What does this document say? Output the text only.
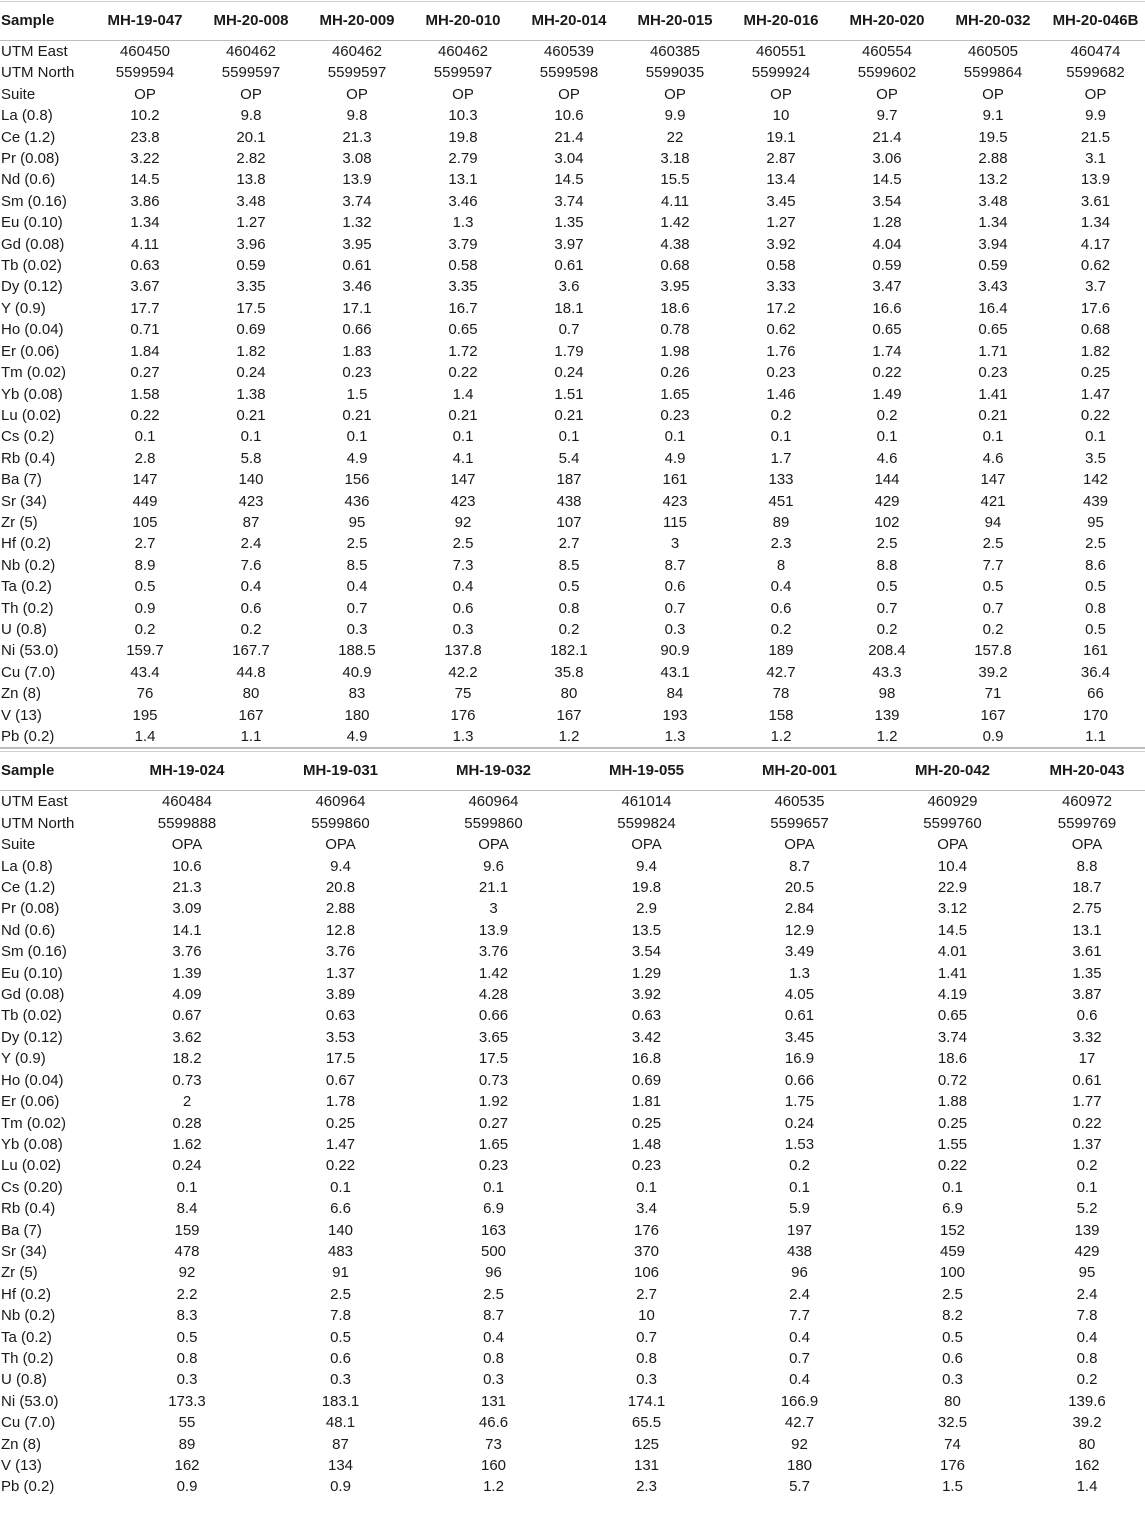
Sample	MH-19-047	MH-20-008	MH-20-009	MH-20-010	MH-20-014	MH-20-015	MH-20-016	MH-20-020	MH-20-032	MH-20-046B
UTM East	460450	460462	460462	460462	460539	460385	460551	460554	460505	460474
UTM North	5599594	5599597	5599597	5599597	5599598	5599035	5599924	5599602	5599864	5599682
Suite	OP	OP	OP	OP	OP	OP	OP	OP	OP	OP
La (0.8)	10.2	9.8	9.8	10.3	10.6	9.9	10	9.7	9.1	9.9
Ce (1.2)	23.8	20.1	21.3	19.8	21.4	22	19.1	21.4	19.5	21.5
Pr (0.08)	3.22	2.82	3.08	2.79	3.04	3.18	2.87	3.06	2.88	3.1
Nd (0.6)	14.5	13.8	13.9	13.1	14.5	15.5	13.4	14.5	13.2	13.9
Sm (0.16)	3.86	3.48	3.74	3.46	3.74	4.11	3.45	3.54	3.48	3.61
Eu (0.10)	1.34	1.27	1.32	1.3	1.35	1.42	1.27	1.28	1.34	1.34
Gd (0.08)	4.11	3.96	3.95	3.79	3.97	4.38	3.92	4.04	3.94	4.17
Tb (0.02)	0.63	0.59	0.61	0.58	0.61	0.68	0.58	0.59	0.59	0.62
Dy (0.12)	3.67	3.35	3.46	3.35	3.6	3.95	3.33	3.47	3.43	3.7
Y (0.9)	17.7	17.5	17.1	16.7	18.1	18.6	17.2	16.6	16.4	17.6
Ho (0.04)	0.71	0.69	0.66	0.65	0.7	0.78	0.62	0.65	0.65	0.68
Er (0.06)	1.84	1.82	1.83	1.72	1.79	1.98	1.76	1.74	1.71	1.82
Tm (0.02)	0.27	0.24	0.23	0.22	0.24	0.26	0.23	0.22	0.23	0.25
Yb (0.08)	1.58	1.38	1.5	1.4	1.51	1.65	1.46	1.49	1.41	1.47
Lu (0.02)	0.22	0.21	0.21	0.21	0.21	0.23	0.2	0.2	0.21	0.22
Cs (0.2)	0.1	0.1	0.1	0.1	0.1	0.1	0.1	0.1	0.1	0.1
Rb (0.4)	2.8	5.8	4.9	4.1	5.4	4.9	1.7	4.6	4.6	3.5
Ba (7)	147	140	156	147	187	161	133	144	147	142
Sr (34)	449	423	436	423	438	423	451	429	421	439
Zr (5)	105	87	95	92	107	115	89	102	94	95
Hf (0.2)	2.7	2.4	2.5	2.5	2.7	3	2.3	2.5	2.5	2.5
Nb (0.2)	8.9	7.6	8.5	7.3	8.5	8.7	8	8.8	7.7	8.6
Ta (0.2)	0.5	0.4	0.4	0.4	0.5	0.6	0.4	0.5	0.5	0.5
Th (0.2)	0.9	0.6	0.7	0.6	0.8	0.7	0.6	0.7	0.7	0.8
U (0.8)	0.2	0.2	0.3	0.3	0.2	0.3	0.2	0.2	0.2	0.5
Ni (53.0)	159.7	167.7	188.5	137.8	182.1	90.9	189	208.4	157.8	161
Cu (7.0)	43.4	44.8	40.9	42.2	35.8	43.1	42.7	43.3	39.2	36.4
Zn (8)	76	80	83	75	80	84	78	98	71	66
V (13)	195	167	180	176	167	193	158	139	167	170
Pb (0.2)	1.4	1.1	4.9	1.3	1.2	1.3	1.2	1.2	0.9	1.1
Sample	MH-19-024	MH-19-031	MH-19-032	MH-19-055	MH-20-001	MH-20-042	MH-20-043
UTM East	460484	460964	460964	461014	460535	460929	460972
UTM North	5599888	5599860	5599860	5599824	5599657	5599760	5599769
Suite	OPA	OPA	OPA	OPA	OPA	OPA	OPA
La (0.8)	10.6	9.4	9.6	9.4	8.7	10.4	8.8
Ce (1.2)	21.3	20.8	21.1	19.8	20.5	22.9	18.7
Pr (0.08)	3.09	2.88	3	2.9	2.84	3.12	2.75
Nd (0.6)	14.1	12.8	13.9	13.5	12.9	14.5	13.1
Sm (0.16)	3.76	3.76	3.76	3.54	3.49	4.01	3.61
Eu (0.10)	1.39	1.37	1.42	1.29	1.3	1.41	1.35
Gd (0.08)	4.09	3.89	4.28	3.92	4.05	4.19	3.87
Tb (0.02)	0.67	0.63	0.66	0.63	0.61	0.65	0.6
Dy (0.12)	3.62	3.53	3.65	3.42	3.45	3.74	3.32
Y (0.9)	18.2	17.5	17.5	16.8	16.9	18.6	17
Ho (0.04)	0.73	0.67	0.73	0.69	0.66	0.72	0.61
Er (0.06)	2	1.78	1.92	1.81	1.75	1.88	1.77
Tm (0.02)	0.28	0.25	0.27	0.25	0.24	0.25	0.22
Yb (0.08)	1.62	1.47	1.65	1.48	1.53	1.55	1.37
Lu (0.02)	0.24	0.22	0.23	0.23	0.2	0.22	0.2
Cs (0.20)	0.1	0.1	0.1	0.1	0.1	0.1	0.1
Rb (0.4)	8.4	6.6	6.9	3.4	5.9	6.9	5.2
Ba (7)	159	140	163	176	197	152	139
Sr (34)	478	483	500	370	438	459	429
Zr (5)	92	91	96	106	96	100	95
Hf (0.2)	2.2	2.5	2.5	2.7	2.4	2.5	2.4
Nb (0.2)	8.3	7.8	8.7	10	7.7	8.2	7.8
Ta (0.2)	0.5	0.5	0.4	0.7	0.4	0.5	0.4
Th (0.2)	0.8	0.6	0.8	0.8	0.7	0.6	0.8
U (0.8)	0.3	0.3	0.3	0.3	0.4	0.3	0.2
Ni (53.0)	173.3	183.1	131	174.1	166.9	80	139.6
Cu (7.0)	55	48.1	46.6	65.5	42.7	32.5	39.2
Zn (8)	89	87	73	125	92	74	80
V (13)	162	134	160	131	180	176	162
Pb (0.2)	0.9	0.9	1.2	2.3	5.7	1.5	1.4
